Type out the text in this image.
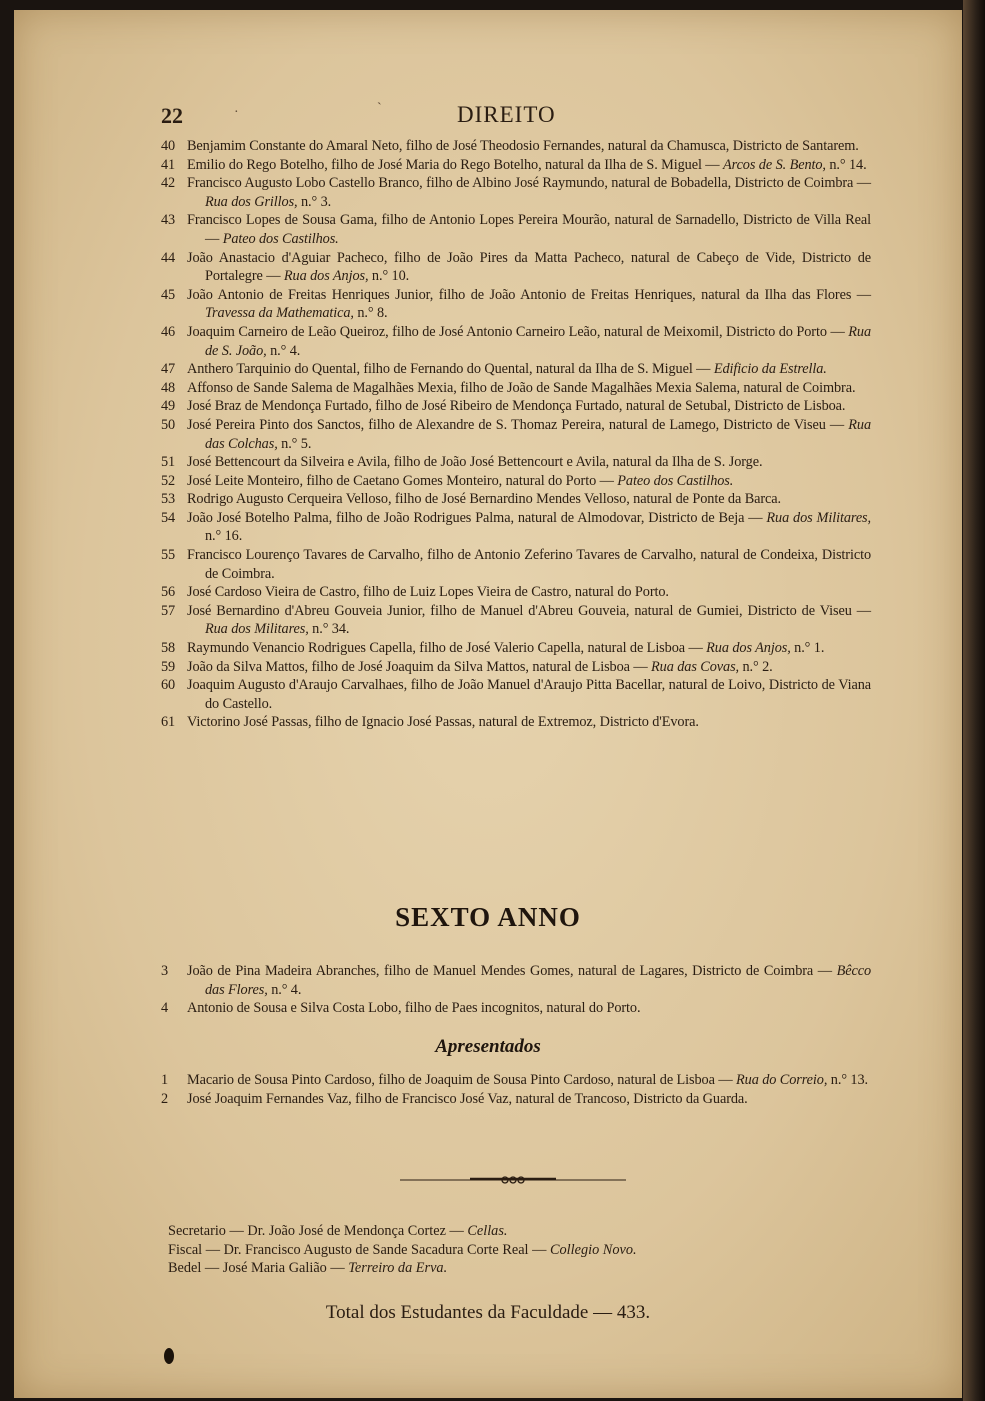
22	DIREITO
·	ˋ
40 Benjamim Constante do Amaral Neto, filho de José Theodosio Fernandes, natural da Chamusca, Districto de Santarem.
41 Emilio do Rego Botelho, filho de José Maria do Rego Botelho, natural da Ilha de S. Miguel — Arcos de S. Bento, n.° 14.
42 Francisco Augusto Lobo Castello Branco, filho de Albino José Raymundo, natural de Bobadella, Districto de Coimbra — Rua dos Grillos, n.° 3.
43 Francisco Lopes de Sousa Gama, filho de Antonio Lopes Pereira Mourão, natural de Sarnadello, Districto de Villa Real — Pateo dos Castilhos.
44 João Anastacio d'Aguiar Pacheco, filho de João Pires da Matta Pacheco, natural de Cabeço de Vide, Districto de Portalegre — Rua dos Anjos, n.° 10.
45 João Antonio de Freitas Henriques Junior, filho de João Antonio de Freitas Henriques, natural da Ilha das Flores — Travessa da Mathematica, n.° 8.
46 Joaquim Carneiro de Leão Queiroz, filho de José Antonio Carneiro Leão, natural de Meixomil, Districto do Porto — Rua de S. João, n.° 4.
47 Anthero Tarquinio do Quental, filho de Fernando do Quental, natural da Ilha de S. Miguel — Edificio da Estrella.
48 Affonso de Sande Salema de Magalhães Mexia, filho de João de Sande Magalhães Mexia Salema, natural de Coimbra.
49 José Braz de Mendonça Furtado, filho de José Ribeiro de Mendonça Furtado, natural de Setubal, Districto de Lisboa.
50 José Pereira Pinto dos Sanctos, filho de Alexandre de S. Thomaz Pereira, natural de Lamego, Districto de Viseu — Rua das Colchas, n.° 5.
51 José Bettencourt da Silveira e Avila, filho de João José Bettencourt e Avila, natural da Ilha de S. Jorge.
52 José Leite Monteiro, filho de Caetano Gomes Monteiro, natural do Porto — Pateo dos Castilhos.
53 Rodrigo Augusto Cerqueira Velloso, filho de José Bernardino Mendes Velloso, natural de Ponte da Barca.
54 João José Botelho Palma, filho de João Rodrigues Palma, natural de Almodovar, Districto de Beja — Rua dos Militares, n.° 16.
55 Francisco Lourenço Tavares de Carvalho, filho de Antonio Zeferino Tavares de Carvalho, natural de Condeixa, Districto de Coimbra.
56 José Cardoso Vieira de Castro, filho de Luiz Lopes Vieira de Castro, natural do Porto.
57 José Bernardino d'Abreu Gouveia Junior, filho de Manuel d'Abreu Gouveia, natural de Gumiei, Districto de Viseu — Rua dos Militares, n.° 34.
58 Raymundo Venancio Rodrigues Capella, filho de José Valerio Capella, natural de Lisboa — Rua dos Anjos, n.° 1.
59 João da Silva Mattos, filho de José Joaquim da Silva Mattos, natural de Lisboa — Rua das Covas, n.° 2.
60 Joaquim Augusto d'Araujo Carvalhaes, filho de João Manuel d'Araujo Pitta Bacellar, natural de Loivo, Districto de Viana do Castello.
61 Victorino José Passas, filho de Ignacio José Passas, natural de Extremoz, Districto d'Evora.
SEXTO ANNO
3	João de Pina Madeira Abranches, filho de Manuel Mendes Gomes, natural de Lagares, Districto de Coimbra — Bêcco das Flores, n.° 4.
4	Antonio de Sousa e Silva Costa Lobo, filho de Paes incognitos, natural do Porto.
Apresentados
1	Macario de Sousa Pinto Cardoso, filho de Joaquim de Sousa Pinto Cardoso, natural de Lisboa — Rua do Correio, n.° 13.
2	José Joaquim Fernandes Vaz, filho de Francisco José Vaz, natural de Trancoso, Districto da Guarda.
Secretario — Dr. João José de Mendonça Cortez — Cellas.
Fiscal — Dr. Francisco Augusto de Sande Sacadura Corte Real — Collegio Novo.
Bedel — José Maria Galião — Terreiro da Erva.
Total dos Estudantes da Faculdade — 433.
